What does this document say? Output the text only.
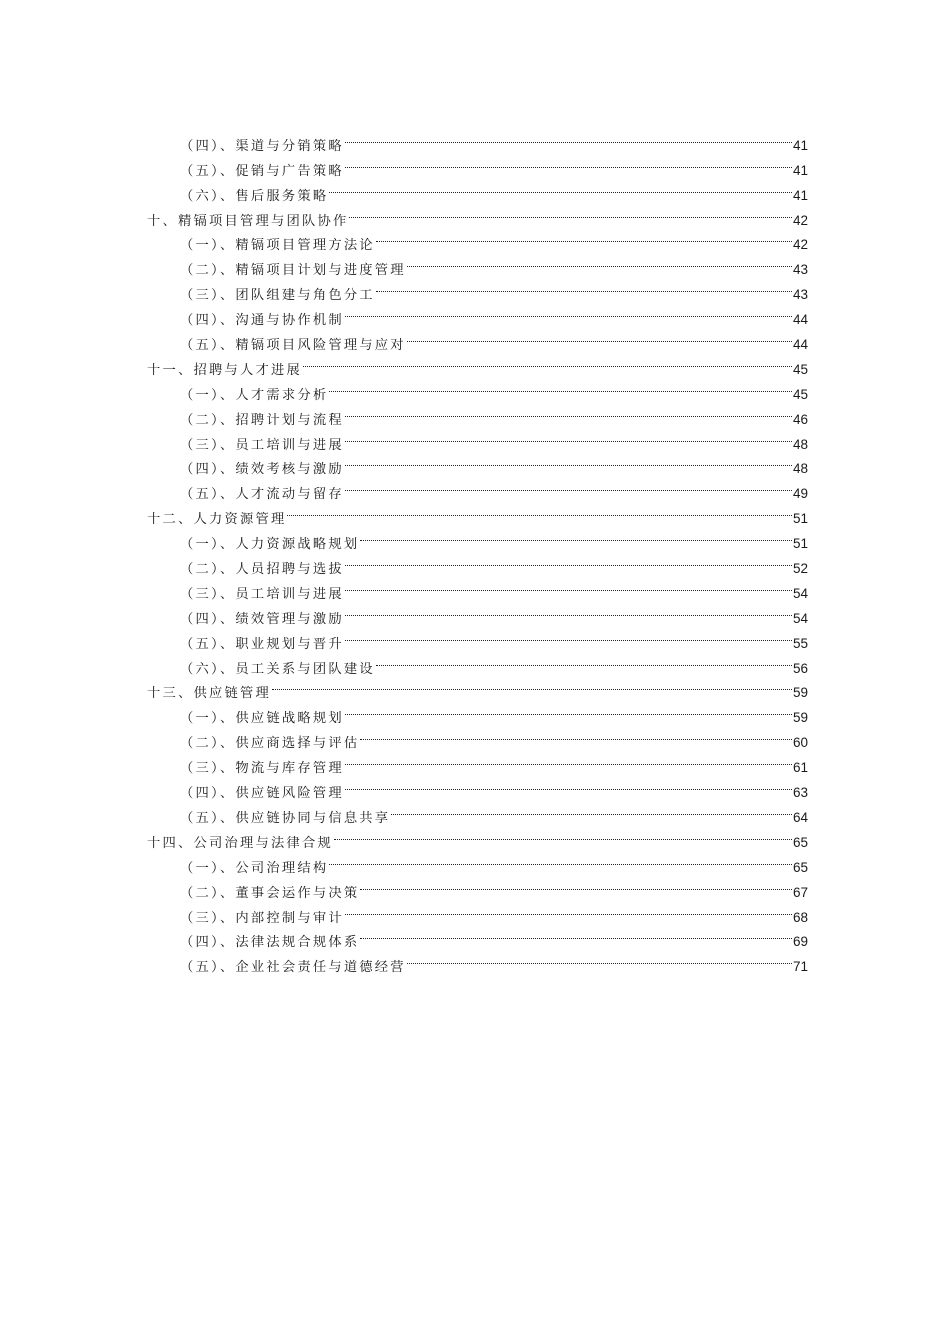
（四）、渠道与分销策略	41
（五）、促销与广告策略	41
（六）、售后服务策略	41
十、精镉项目管理与团队协作	42
（一）、精镉项目管理方法论	42
（二）、精镉项目计划与进度管理	43
（三）、团队组建与角色分工	43
（四）、沟通与协作机制	44
（五）、精镉项目风险管理与应对	44
十一、招聘与人才进展	45
（一）、人才需求分析	45
（二）、招聘计划与流程	46
（三）、员工培训与进展	48
（四）、绩效考核与激励	48
（五）、人才流动与留存	49
十二、人力资源管理	51
（一）、人力资源战略规划	51
（二）、人员招聘与选拔	52
（三）、员工培训与进展	54
（四）、绩效管理与激励	54
（五）、职业规划与晋升	55
（六）、员工关系与团队建设	56
十三、供应链管理	59
（一）、供应链战略规划	59
（二）、供应商选择与评估	60
（三）、物流与库存管理	61
（四）、供应链风险管理	63
（五）、供应链协同与信息共享	64
十四、公司治理与法律合规	65
（一）、公司治理结构	65
（二）、董事会运作与决策	67
（三）、内部控制与审计	68
（四）、法律法规合规体系	69
（五）、企业社会责任与道德经营	71
